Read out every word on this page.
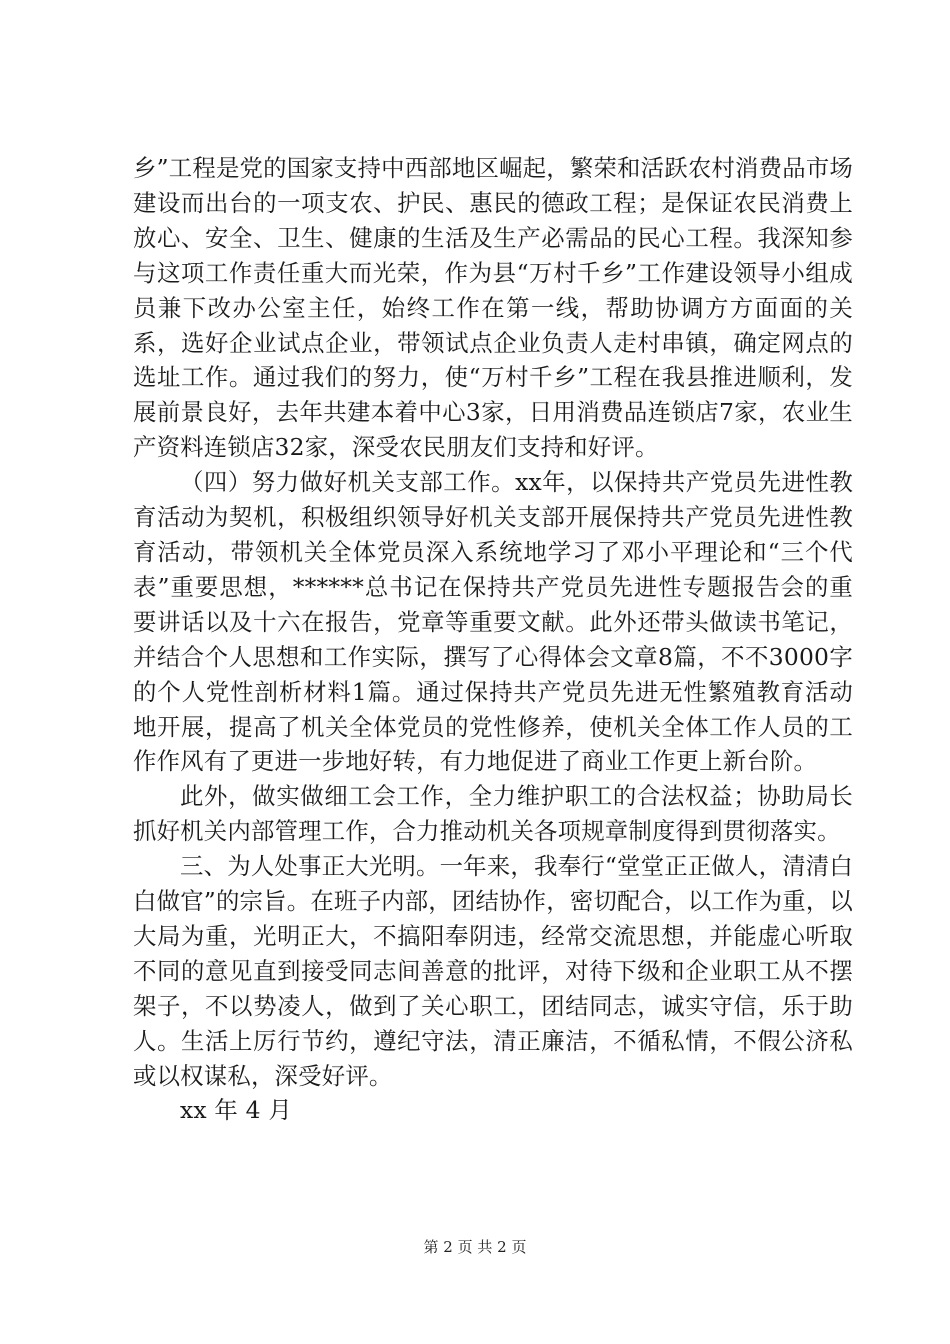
乡”工程是党的国家支持中西部地区崛起，繁荣和活跃农村消费品市场建设而出台的一项支农、护民、惠民的德政工程；是保证农民消费上放心、安全、卫生、健康的生活及生产必需品的民心工程。我深知参与这项工作责任重大而光荣，作为县“万村千乡”工作建设领导小组成员兼下改办公室主任，始终工作在第一线，帮助协调方方面面的关系，选好企业试点企业，带领试点企业负责人走村串镇，确定网点的选址工作。通过我们的努力，使“万村千乡”工程在我县推进顺利，发展前景良好，去年共建本着中心3家，日用消费品连锁店7家，农业生产资料连锁店32家，深受农民朋友们支持和好评。

（四）努力做好机关支部工作。xx年，以保持共产党员先进性教育活动为契机，积极组织领导好机关支部开展保持共产党员先进性教育活动，带领机关全体党员深入系统地学习了邓小平理论和“三个代表”重要思想，******总书记在保持共产党员先进性专题报告会的重要讲话以及十六在报告，党章等重要文献。此外还带头做读书笔记，并结合个人思想和工作实际，撰写了心得体会文章8篇，不不3000字的个人党性剖析材料1篇。通过保持共产党员先进无性繁殖教育活动地开展，提高了机关全体党员的党性修养，使机关全体工作人员的工作作风有了更进一步地好转，有力地促进了商业工作更上新台阶。

此外，做实做细工会工作，全力维护职工的合法权益；协助局长抓好机关内部管理工作，合力推动机关各项规章制度得到贯彻落实。

三、为人处事正大光明。一年来，我奉行“堂堂正正做人，清清白白做官”的宗旨。在班子内部，团结协作，密切配合，以工作为重，以大局为重，光明正大，不搞阳奉阴违，经常交流思想，并能虚心听取不同的意见直到接受同志间善意的批评，对待下级和企业职工从不摆架子，不以势凌人，做到了关心职工，团结同志，诚实守信，乐于助人。生活上厉行节约，遵纪守法，清正廉洁，不循私情，不假公济私或以权谋私，深受好评。

xx 年 4 月

第 2 页 共 2 页
